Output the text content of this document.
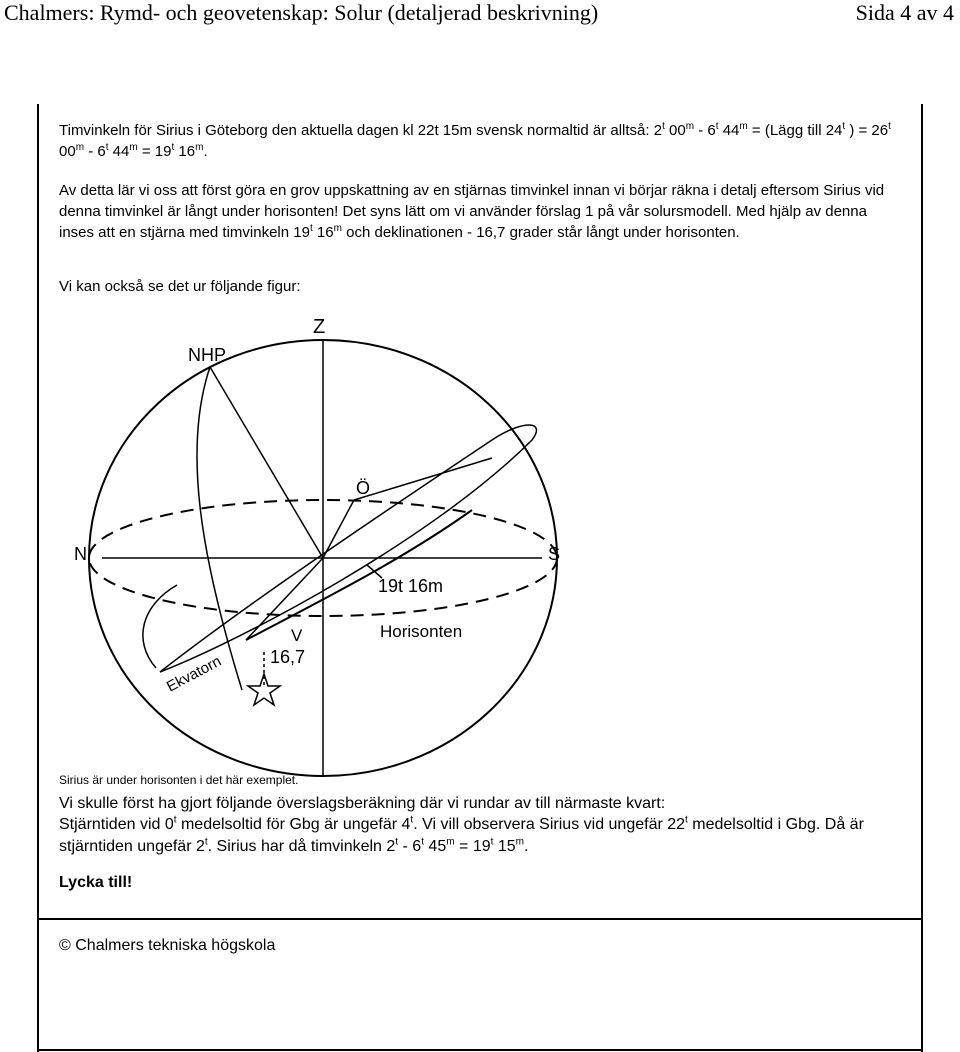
Chalmers: Rymd- och geovetenskap: Solur (detaljerad beskrivning)	Sida 4 av 4
Timvinkeln för Sirius i Göteborg den aktuella dagen kl 22t 15m svensk normaltid är alltså: 2$^t$ 00$^m$ - 6$^t$ $44^m$ = (Lägg till 24$^t$ ) = $26^t$ 00$^m$ - 6$^t$ $44^m = 19^t$ 16$^m$.
Av detta lär vi oss att först göra en grov uppskattning av en stjärnas timvinkel innan vi börjar räkna i detalj eftersom Sirius vid denna timvinkel är långt under horisonten! Det syns lätt om vi använder förslag 1 på vår solursmodell. Med hjälp av denna inses att en stjärna med timvinkeln 19$^t$ 16$^m$ och deklinationen - 16,7 grader står långt under horisonten.
Vi kan också se det ur följande figur:
Z
NHP
Ö
N	S
19t 16m
Horisonten
V
16,7
Ekvatorn
Sirius är under horisonten i det här exemplet.
Vi skulle först ha gjort följande överslagsberäkning där vi rundar av till närmaste kvart:
Stjärntiden vid 0$^t$ medelsoltid för Gbg är ungefär 4$^t$. Vi vill observera Sirius vid ungefär 22$^t$ medelsoltid i Gbg. Då är stjärntiden ungefär 2$^t$. Sirius har då timvinkeln 2$^t$ - 6$^t$ $45^m = 19^t$ 15$^m$.
Lycka till!
© Chalmers tekniska högskola
